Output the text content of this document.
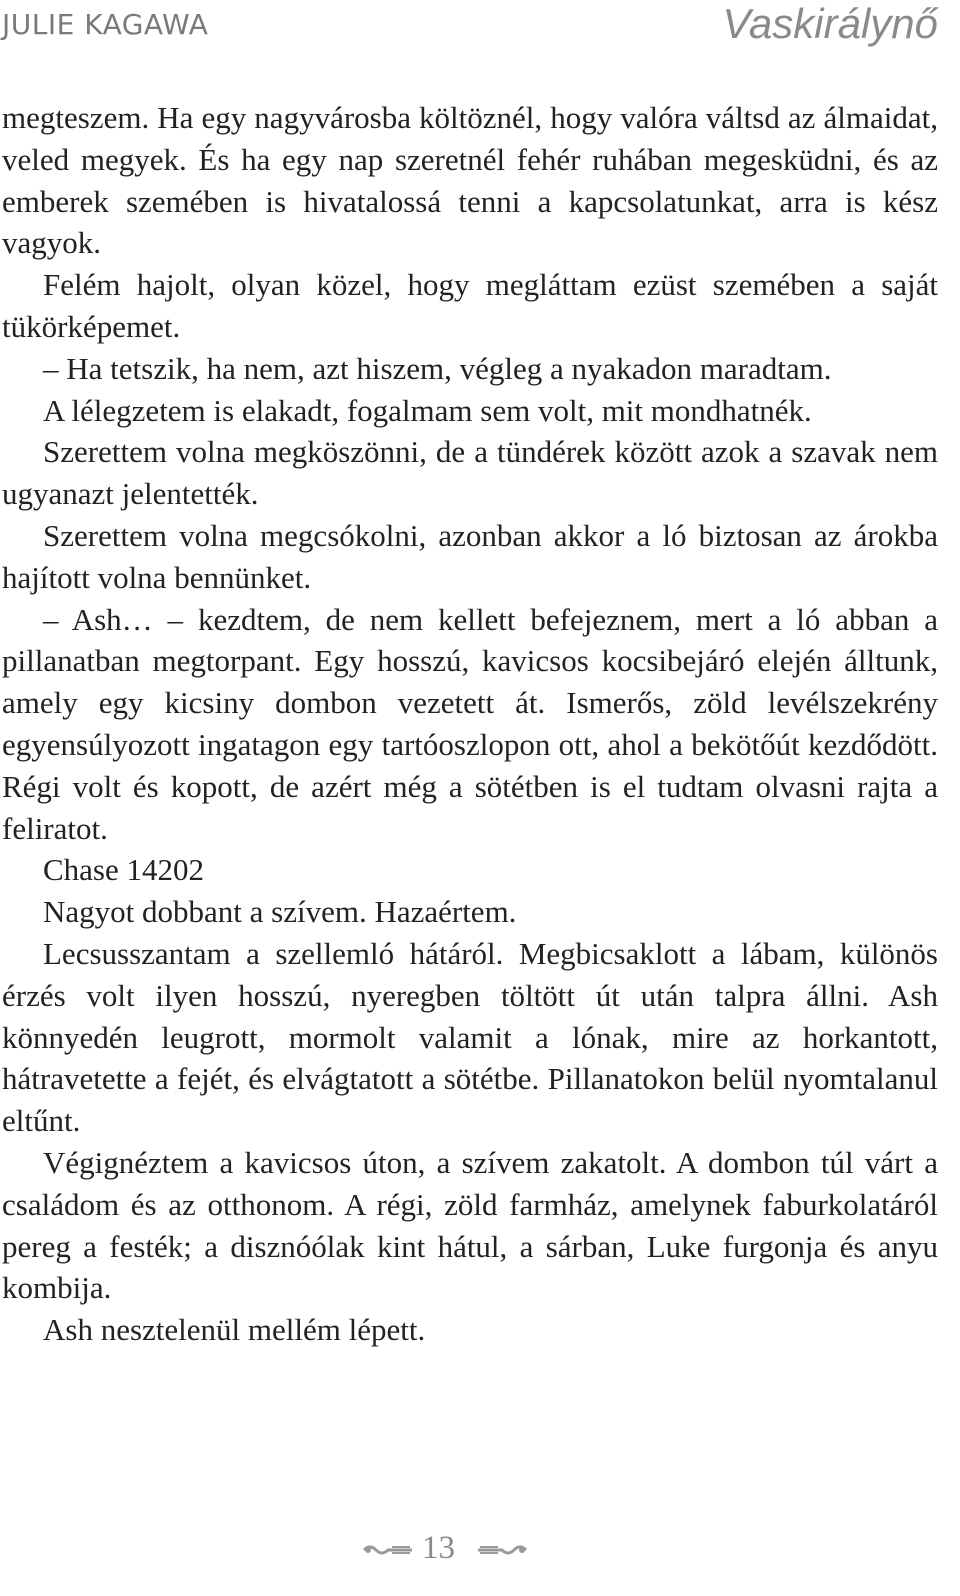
JULIE KAGAWA	Vaskirálynő

megteszem. Ha egy nagyvárosba költöznél, hogy valóra váltsd az álmaidat, veled megyek. És ha egy nap szeretnél fehér ruhában megesküdni, és az emberek szemében is hivatalossá tenni a kapcsolatunkat, arra is kész vagyok.

Felém hajolt, olyan közel, hogy megláttam ezüst szemében a saját tükörképemet.

– Ha tetszik, ha nem, azt hiszem, végleg a nyakadon maradtam.

A lélegzetem is elakadt, fogalmam sem volt, mit mondhatnék.

Szerettem volna megköszönni, de a tündérek között azok a szavak nem ugyanazt jelentették.

Szerettem volna megcsókolni, azonban akkor a ló biztosan az árokba hajított volna bennünket.

– Ash… – kezdtem, de nem kellett befejeznem, mert a ló abban a pillanatban megtorpant. Egy hosszú, kavicsos kocsibejáró elején álltunk, amely egy kicsiny dombon vezetett át. Ismerős, zöld levélszekrény egyensúlyozott ingatagon egy tartóoszlopon ott, ahol a bekötőút kezdődött. Régi volt és kopott, de azért még a sötétben is el tudtam olvasni rajta a feliratot.

Chase 14202

Nagyot dobbant a szívem. Hazaértem.

Lecsusszantam a szellemló hátáról. Megbicsaklott a lábam, különös érzés volt ilyen hosszú, nyeregben töltött út után talpra állni. Ash könnyedén leugrott, mormolt valamit a lónak, mire az horkantott, hátravetette a fejét, és elvágtatott a sötétbe. Pillanatokon belül nyomtalanul eltűnt.

Végignéztem a kavicsos úton, a szívem zakatolt. A dombon túl várt a családom és az otthonom. A régi, zöld farmház, amelynek faburkolatáról pereg a festék; a disznóólak kint hátul, a sárban, Luke furgonja és anyu kombija.

Ash nesztelenül mellém lépett.

13
